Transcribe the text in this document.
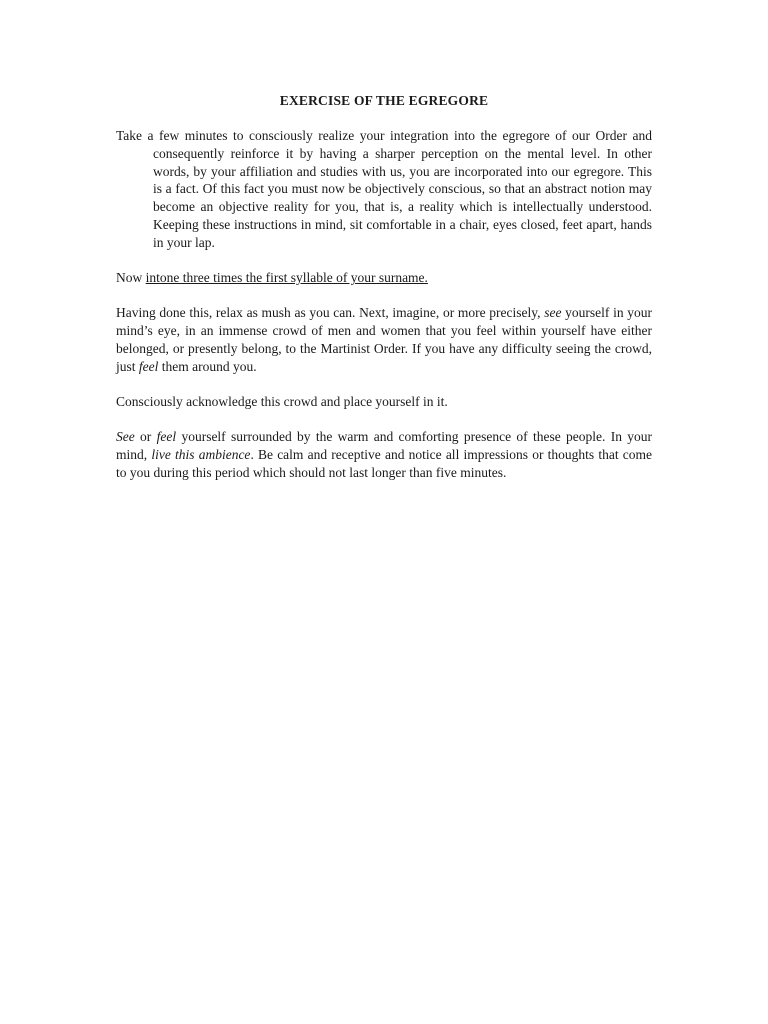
EXERCISE OF THE EGREGORE

Take a few minutes to consciously realize your integration into the egregore of our Order and consequently reinforce it by having a sharper perception on the mental level. In other words, by your affiliation and studies with us, you are incorporated into our egregore. This is a fact. Of this fact you must now be objectively conscious, so that an abstract notion may become an objective reality for you, that is, a reality which is intellectually understood. Keeping these instructions in mind, sit comfortable in a chair, eyes closed, feet apart, hands in your lap.

Now intone three times the first syllable of your surname.

Having done this, relax as mush as you can. Next, imagine, or more precisely, see yourself in your mind’s eye, in an immense crowd of men and women that you feel within yourself have either belonged, or presently belong, to the Martinist Order. If you have any difficulty seeing the crowd, just feel them around you.

Consciously acknowledge this crowd and place yourself in it.

See or feel yourself surrounded by the warm and comforting presence of these people. In your mind, live this ambience. Be calm and receptive and notice all impressions or thoughts that come to you during this period which should not last longer than five minutes.
